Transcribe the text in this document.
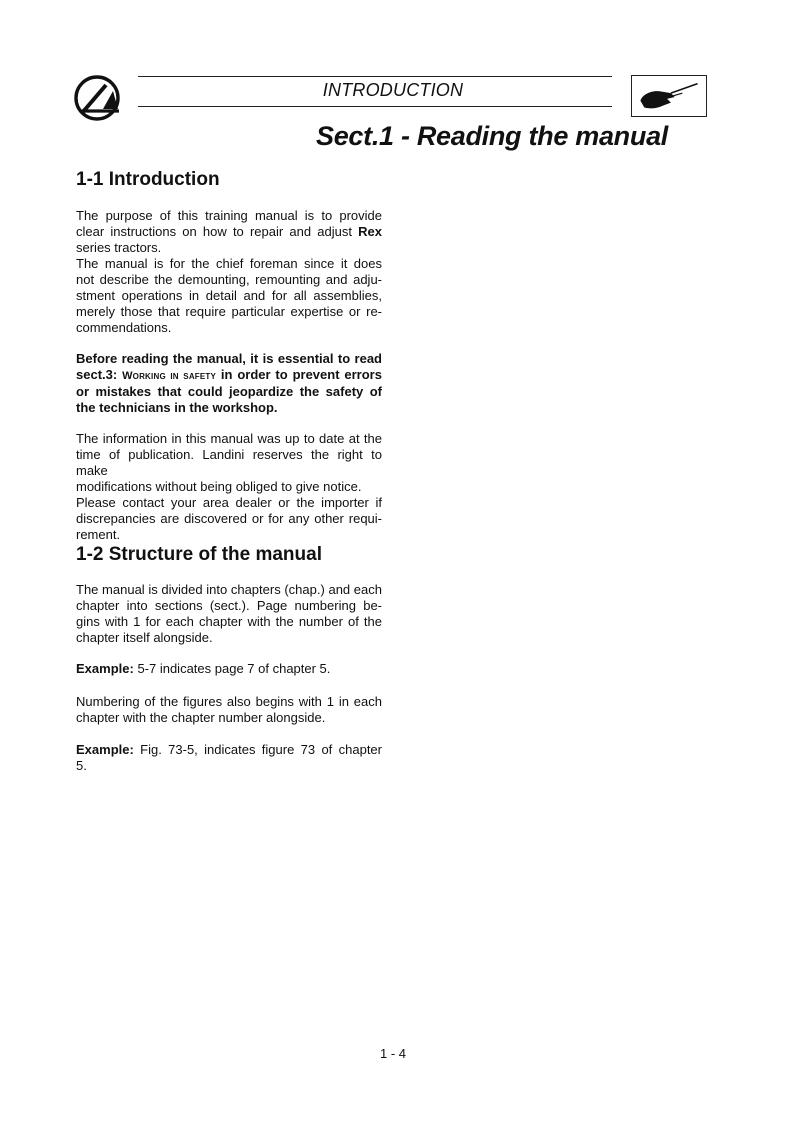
INTRODUCTION
Sect.1 - Reading the manual
1-1 Introduction
The purpose of this training manual is to provide
clear instructions on how to repair and adjust Rex
series tractors.
The manual is for the chief foreman since it does
not describe the demounting, remounting and adju-
stment operations in detail and for all assemblies,
merely those that require particular expertise or re-
commendations.
Before reading the manual, it is essential to read
sect.3: Working in safety in order to prevent errors
or mistakes that could jeopardize the safety of
the technicians in the workshop.
The information in this manual was up to date at the
time of publication. Landini reserves the right to make
modifications without being obliged to give notice.
Please contact your area dealer or the importer if
discrepancies are discovered or for any other requi-
rement.
1-2 Structure of the manual
The manual is divided into chapters (chap.) and each
chapter into sections (sect.). Page numbering be-
gins with 1 for each chapter with the number of the
chapter itself alongside.
Example: 5-7 indicates page 7 of chapter 5.
Numbering of the figures also begins with 1 in each
chapter with the chapter number alongside.
Example: Fig. 73-5, indicates figure 73 of chapter
5.
1 - 4
